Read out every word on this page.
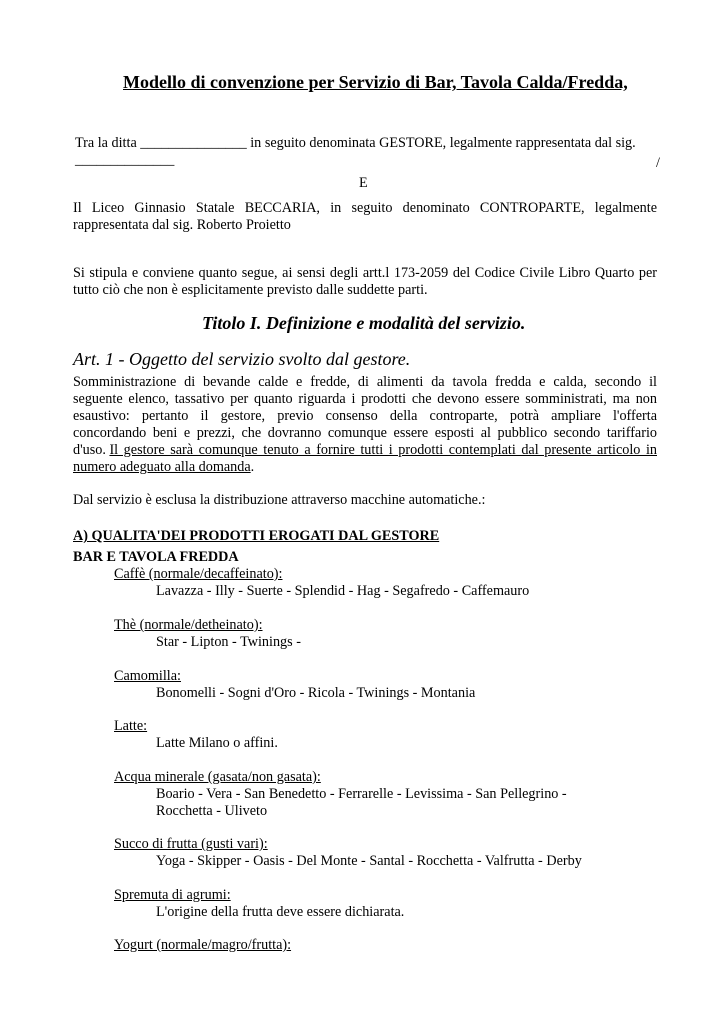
Modello di convenzione per Servizio di Bar, Tavola Calda/Fredda,
Tra la ditta _______________ in seguito denominata GESTORE, legalmente rappresentata dal sig.
______________	/
E
Il Liceo Ginnasio Statale BECCARIA, in seguito denominato CONTROPARTE, legalmente
rappresentata dal sig. Roberto Proietto
Si stipula e conviene quanto segue, ai sensi degli artt.l 173-2059 del Codice Civile Libro Quarto per
tutto ciò che non è esplicitamente previsto dalle suddette parti.
Titolo I. Definizione e modalità del servizio.
Art. 1 - Oggetto del servizio svolto dal gestore.
Somministrazione di bevande calde e fredde, di alimenti da tavola fredda e calda, secondo il
seguente elenco, tassativo per quanto riguarda i prodotti che devono essere somministrati, ma non
esaustivo: pertanto il gestore, previo consenso della controparte, potrà ampliare l'offerta
concordando beni e prezzi, che dovranno comunque essere esposti al pubblico secondo tariffario
d'uso. Il gestore sarà comunque tenuto a fornire tutti i prodotti contemplati dal presente articolo in
numero adeguato alla domanda.
Dal servizio è esclusa la distribuzione attraverso macchine automatiche.:
A) QUALITA'DEI PRODOTTI EROGATI DAL GESTORE
BAR E TAVOLA FREDDA
Caffè (normale/decaffeinato):
Lavazza - Illy - Suerte - Splendid - Hag - Segafredo - Caffemauro
Thè (normale/detheinato):
Star - Lipton - Twinings -
Camomilla:
Bonomelli - Sogni d'Oro - Ricola - Twinings - Montania
Latte:
Latte Milano o affini.
Acqua minerale (gasata/non gasata):
Boario - Vera - San Benedetto - Ferrarelle - Levissima - San Pellegrino -
Rocchetta - Uliveto
Succo di frutta (gusti vari):
Yoga - Skipper - Oasis - Del Monte - Santal - Rocchetta - Valfrutta - Derby
Spremuta di agrumi:
L'origine della frutta deve essere dichiarata.
Yogurt (normale/magro/frutta):
